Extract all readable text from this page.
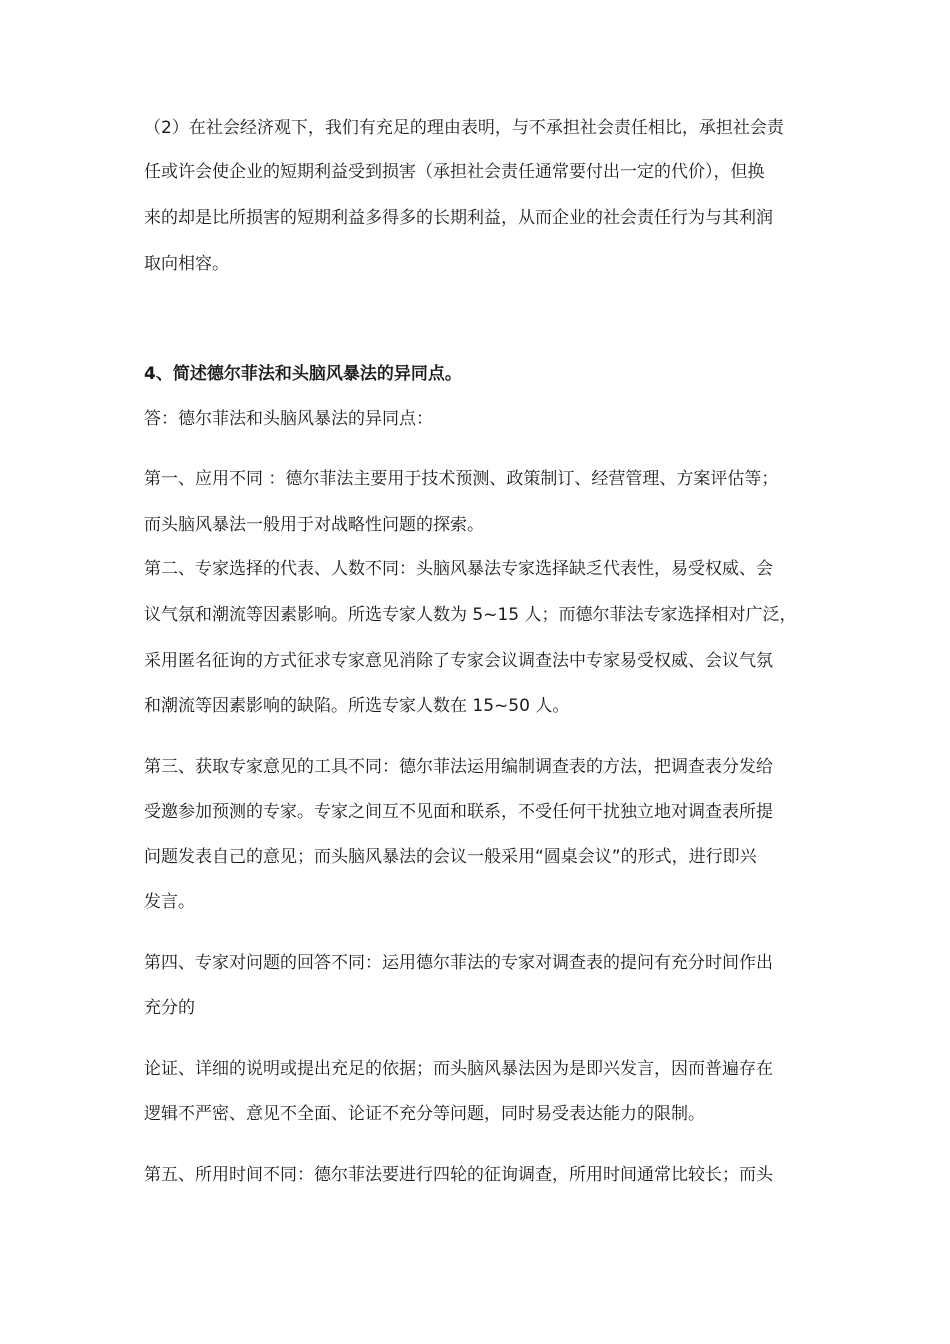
（2）在社会经济观下，我们有充足的理由表明，与不承担社会责任相比，承担社会责
任或许会使企业的短期利益受到损害（承担社会责任通常要付出一定的代价），但换
来的却是比所损害的短期利益多得多的长期利益，从而企业的社会责任行为与其利润
取向相容。
4、简述德尔菲法和头脑风暴法的异同点。
答：德尔菲法和头脑风暴法的异同点：
第一、应用不同 ：德尔菲法主要用于技术预测、政策制订、经营管理、方案评估等；
而头脑风暴法一般用于对战略性问题的探索。
第二、专家选择的代表、人数不同：头脑风暴法专家选择缺乏代表性，易受权威、会
议气氛和潮流等因素影响。所选专家人数为 5~15 人；而德尔菲法专家选择相对广泛，
采用匿名征询的方式征求专家意见消除了专家会议调查法中专家易受权威、会议气氛
和潮流等因素影响的缺陷。所选专家人数在 15~50 人。
第三、获取专家意见的工具不同：德尔菲法运用编制调查表的方法，把调查表分发给
受邀参加预测的专家。专家之间互不见面和联系，不受任何干扰独立地对调查表所提
问题发表自己的意见；而头脑风暴法的会议一般采用“圆桌会议”的形式，进行即兴
发言。
第四、专家对问题的回答不同：运用德尔菲法的专家对调查表的提问有充分时间作出
充分的
论证、详细的说明或提出充足的依据；而头脑风暴法因为是即兴发言，因而普遍存在
逻辑不严密、意见不全面、论证不充分等问题，同时易受表达能力的限制。
第五、所用时间不同：德尔菲法要进行四轮的征询调查，所用时间通常比较长；而头
